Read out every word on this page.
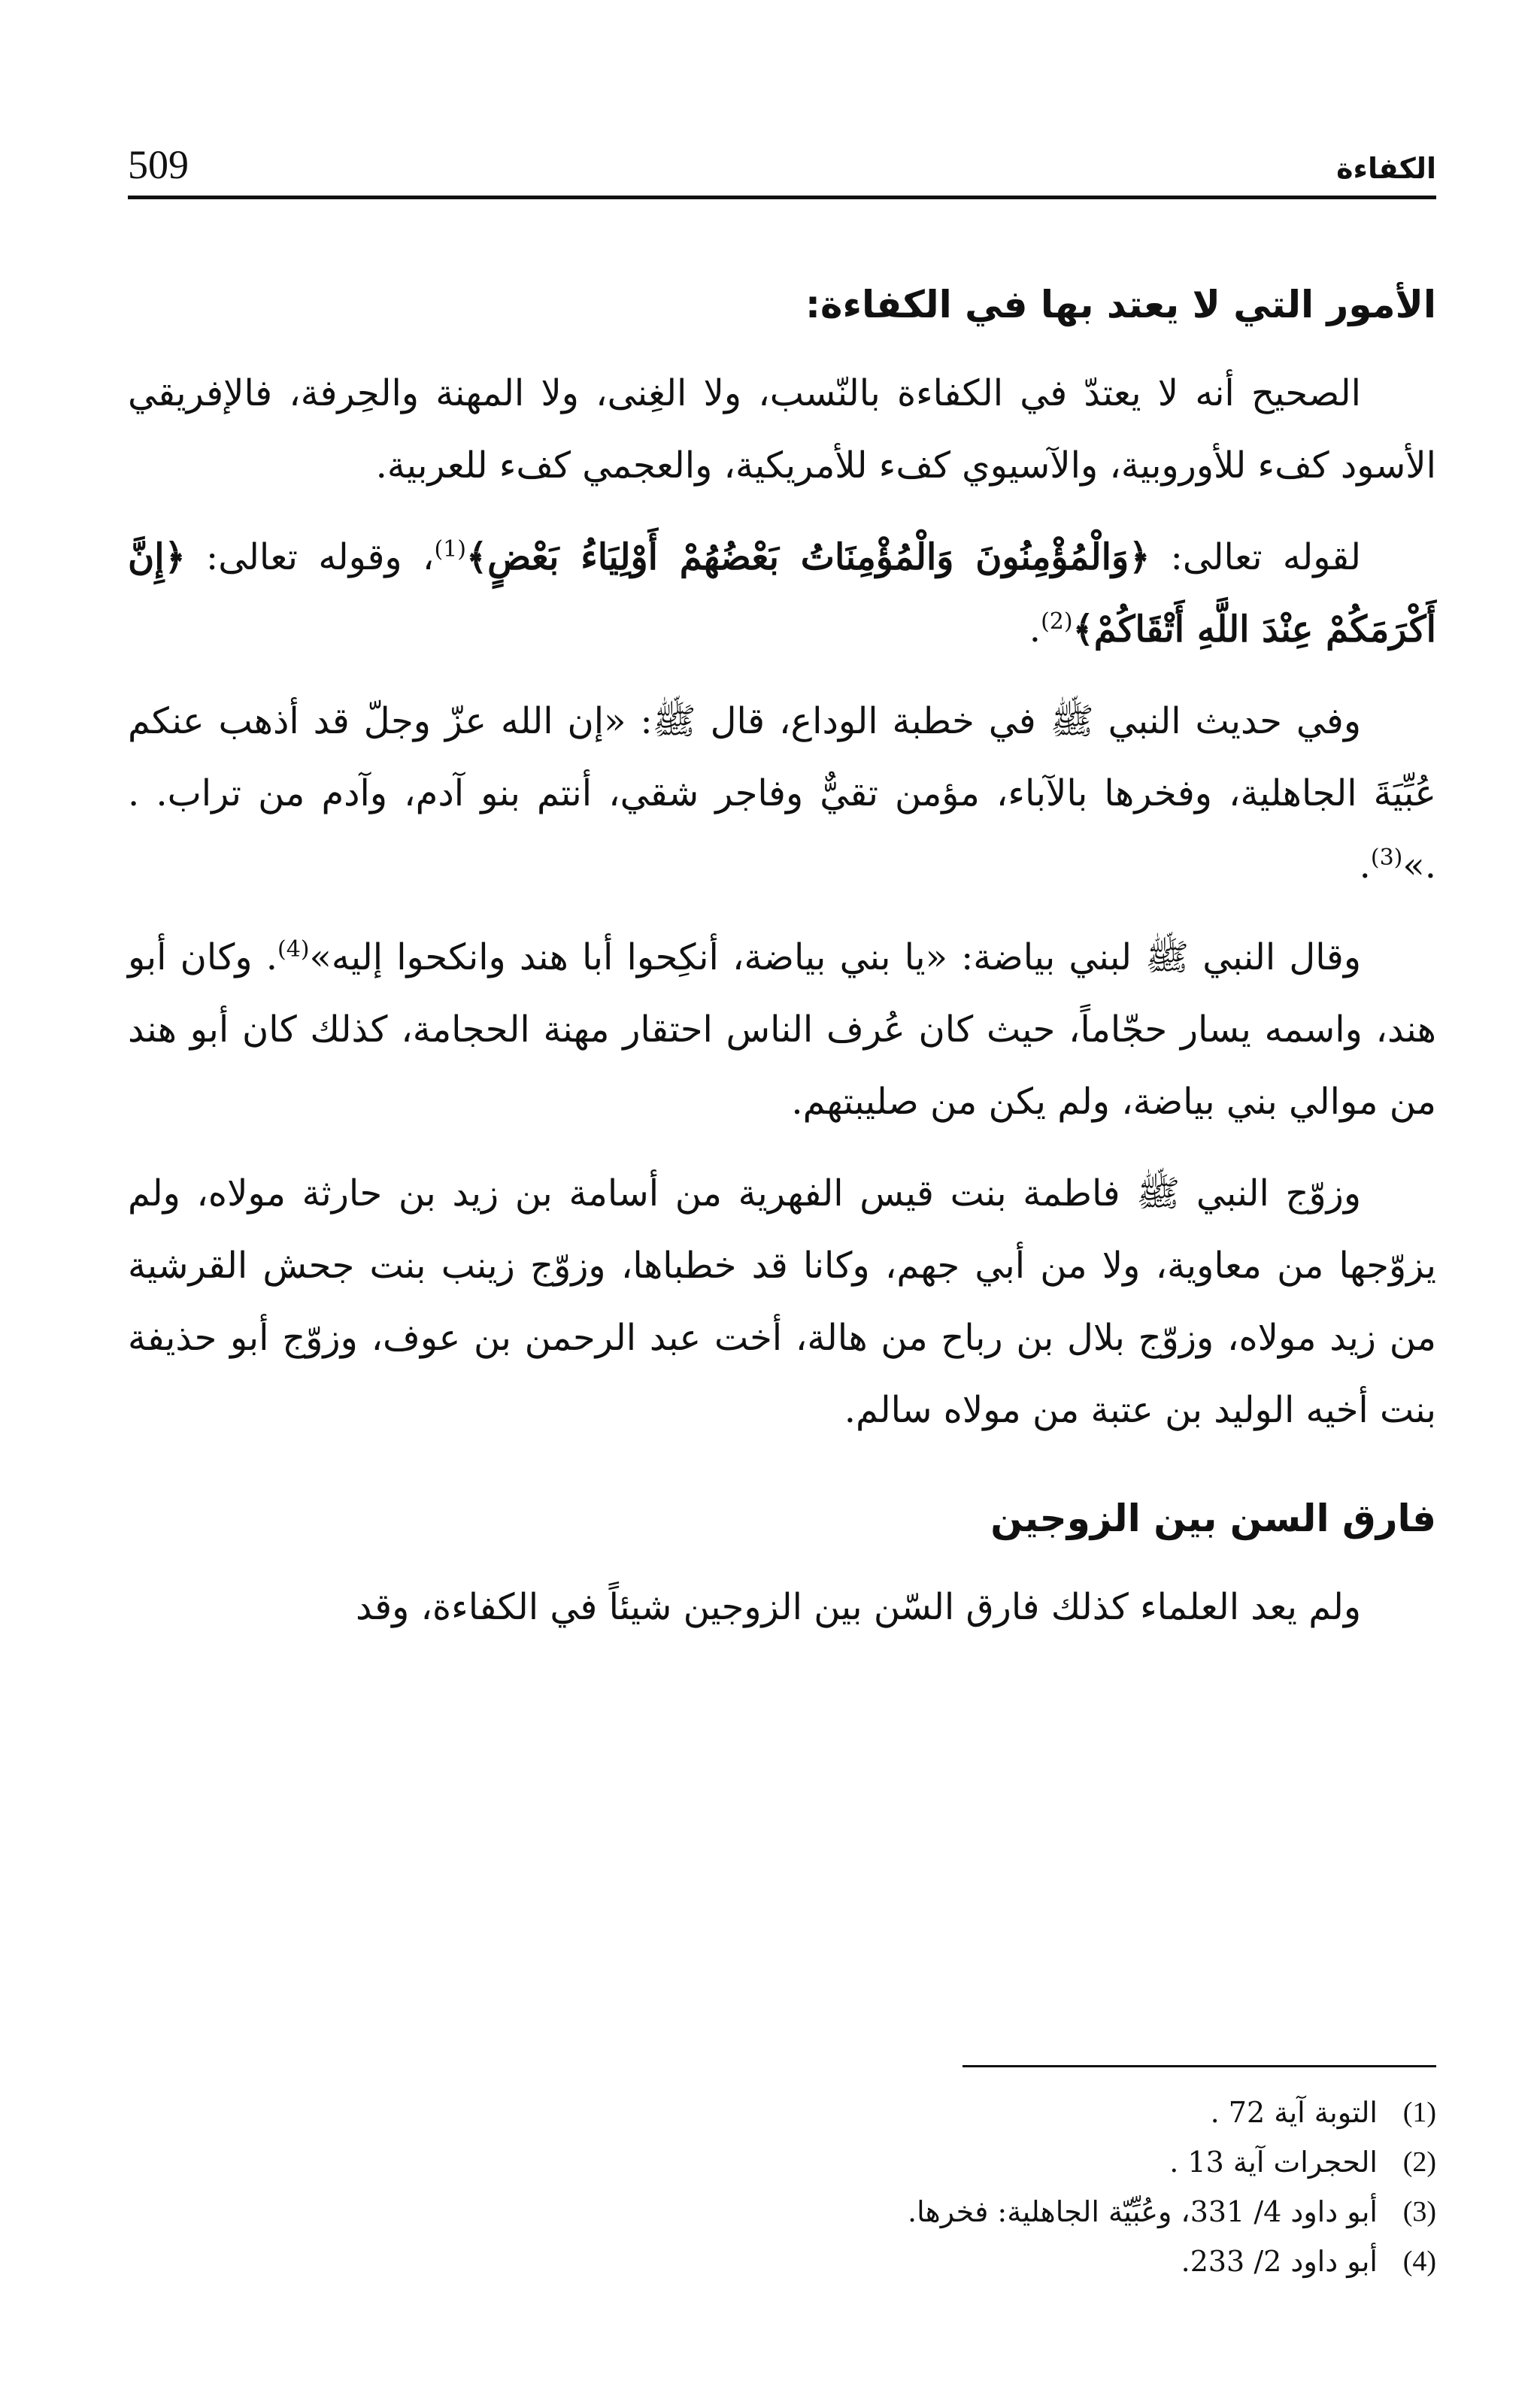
الكفاءة
509
الأمور التي لا يعتد بها في الكفاءة:

الصحيح أنه لا يعتدّ في الكفاءة بالنّسب، ولا الغِنى، ولا المهنة والحِرفة، فالإفريقي الأسود كفء للأوروبية، والآسيوي كفء للأمريكية، والعجمي كفء للعربية.

لقوله تعالى: ﴿وَالْمُؤْمِنُونَ وَالْمُؤْمِنَاتُ بَعْضُهُمْ أَوْلِيَاءُ بَعْضٍ﴾$^{(1)}$، وقوله تعالى: ﴿إِنَّ أَكْرَمَكُمْ عِنْدَ اللَّهِ أَتْقَاكُمْ﴾$^{(2)}$.

وفي حديث النبي ﷺ في خطبة الوداع، قال ﷺ: «إن الله عزّ وجلّ قد أذهب عنكم عُبِّيَةَ الجاهلية، وفخرها بالآباء، مؤمن تقيٌّ وفاجر شقي، أنتم بنو آدم، وآدم من تراب. . .»$^{(3)}$.

وقال النبي ﷺ لبني بياضة: «يا بني بياضة، أنكِحوا أبا هند وانكحوا إليه»$^{(4)}$. وكان أبو هند، واسمه يسار حجّاماً، حيث كان عُرف الناس احتقار مهنة الحجامة، كذلك كان أبو هند من موالي بني بياضة، ولم يكن من صليبتهم.

وزوّج النبي ﷺ فاطمة بنت قيس الفهرية من أسامة بن زيد بن حارثة مولاه، ولم يزوّجها من معاوية، ولا من أبي جهم، وكانا قد خطباها، وزوّج زينب بنت جحش القرشية من زيد مولاه، وزوّج بلال بن رباح من هالة، أخت عبد الرحمن بن عوف، وزوّج أبو حذيفة بنت أخيه الوليد بن عتبة من مولاه سالم.

فارق السن بين الزوجين

ولم يعد العلماء كذلك فارق السّن بين الزوجين شيئاً في الكفاءة، وقد

(1)
التوبة آية 72 .
(2)
الحجرات آية 13 .
(3)
أبو داود 4/ 331، وعُبِّيّة الجاهلية: فخرها.
(4)
أبو داود 2/ 233.
